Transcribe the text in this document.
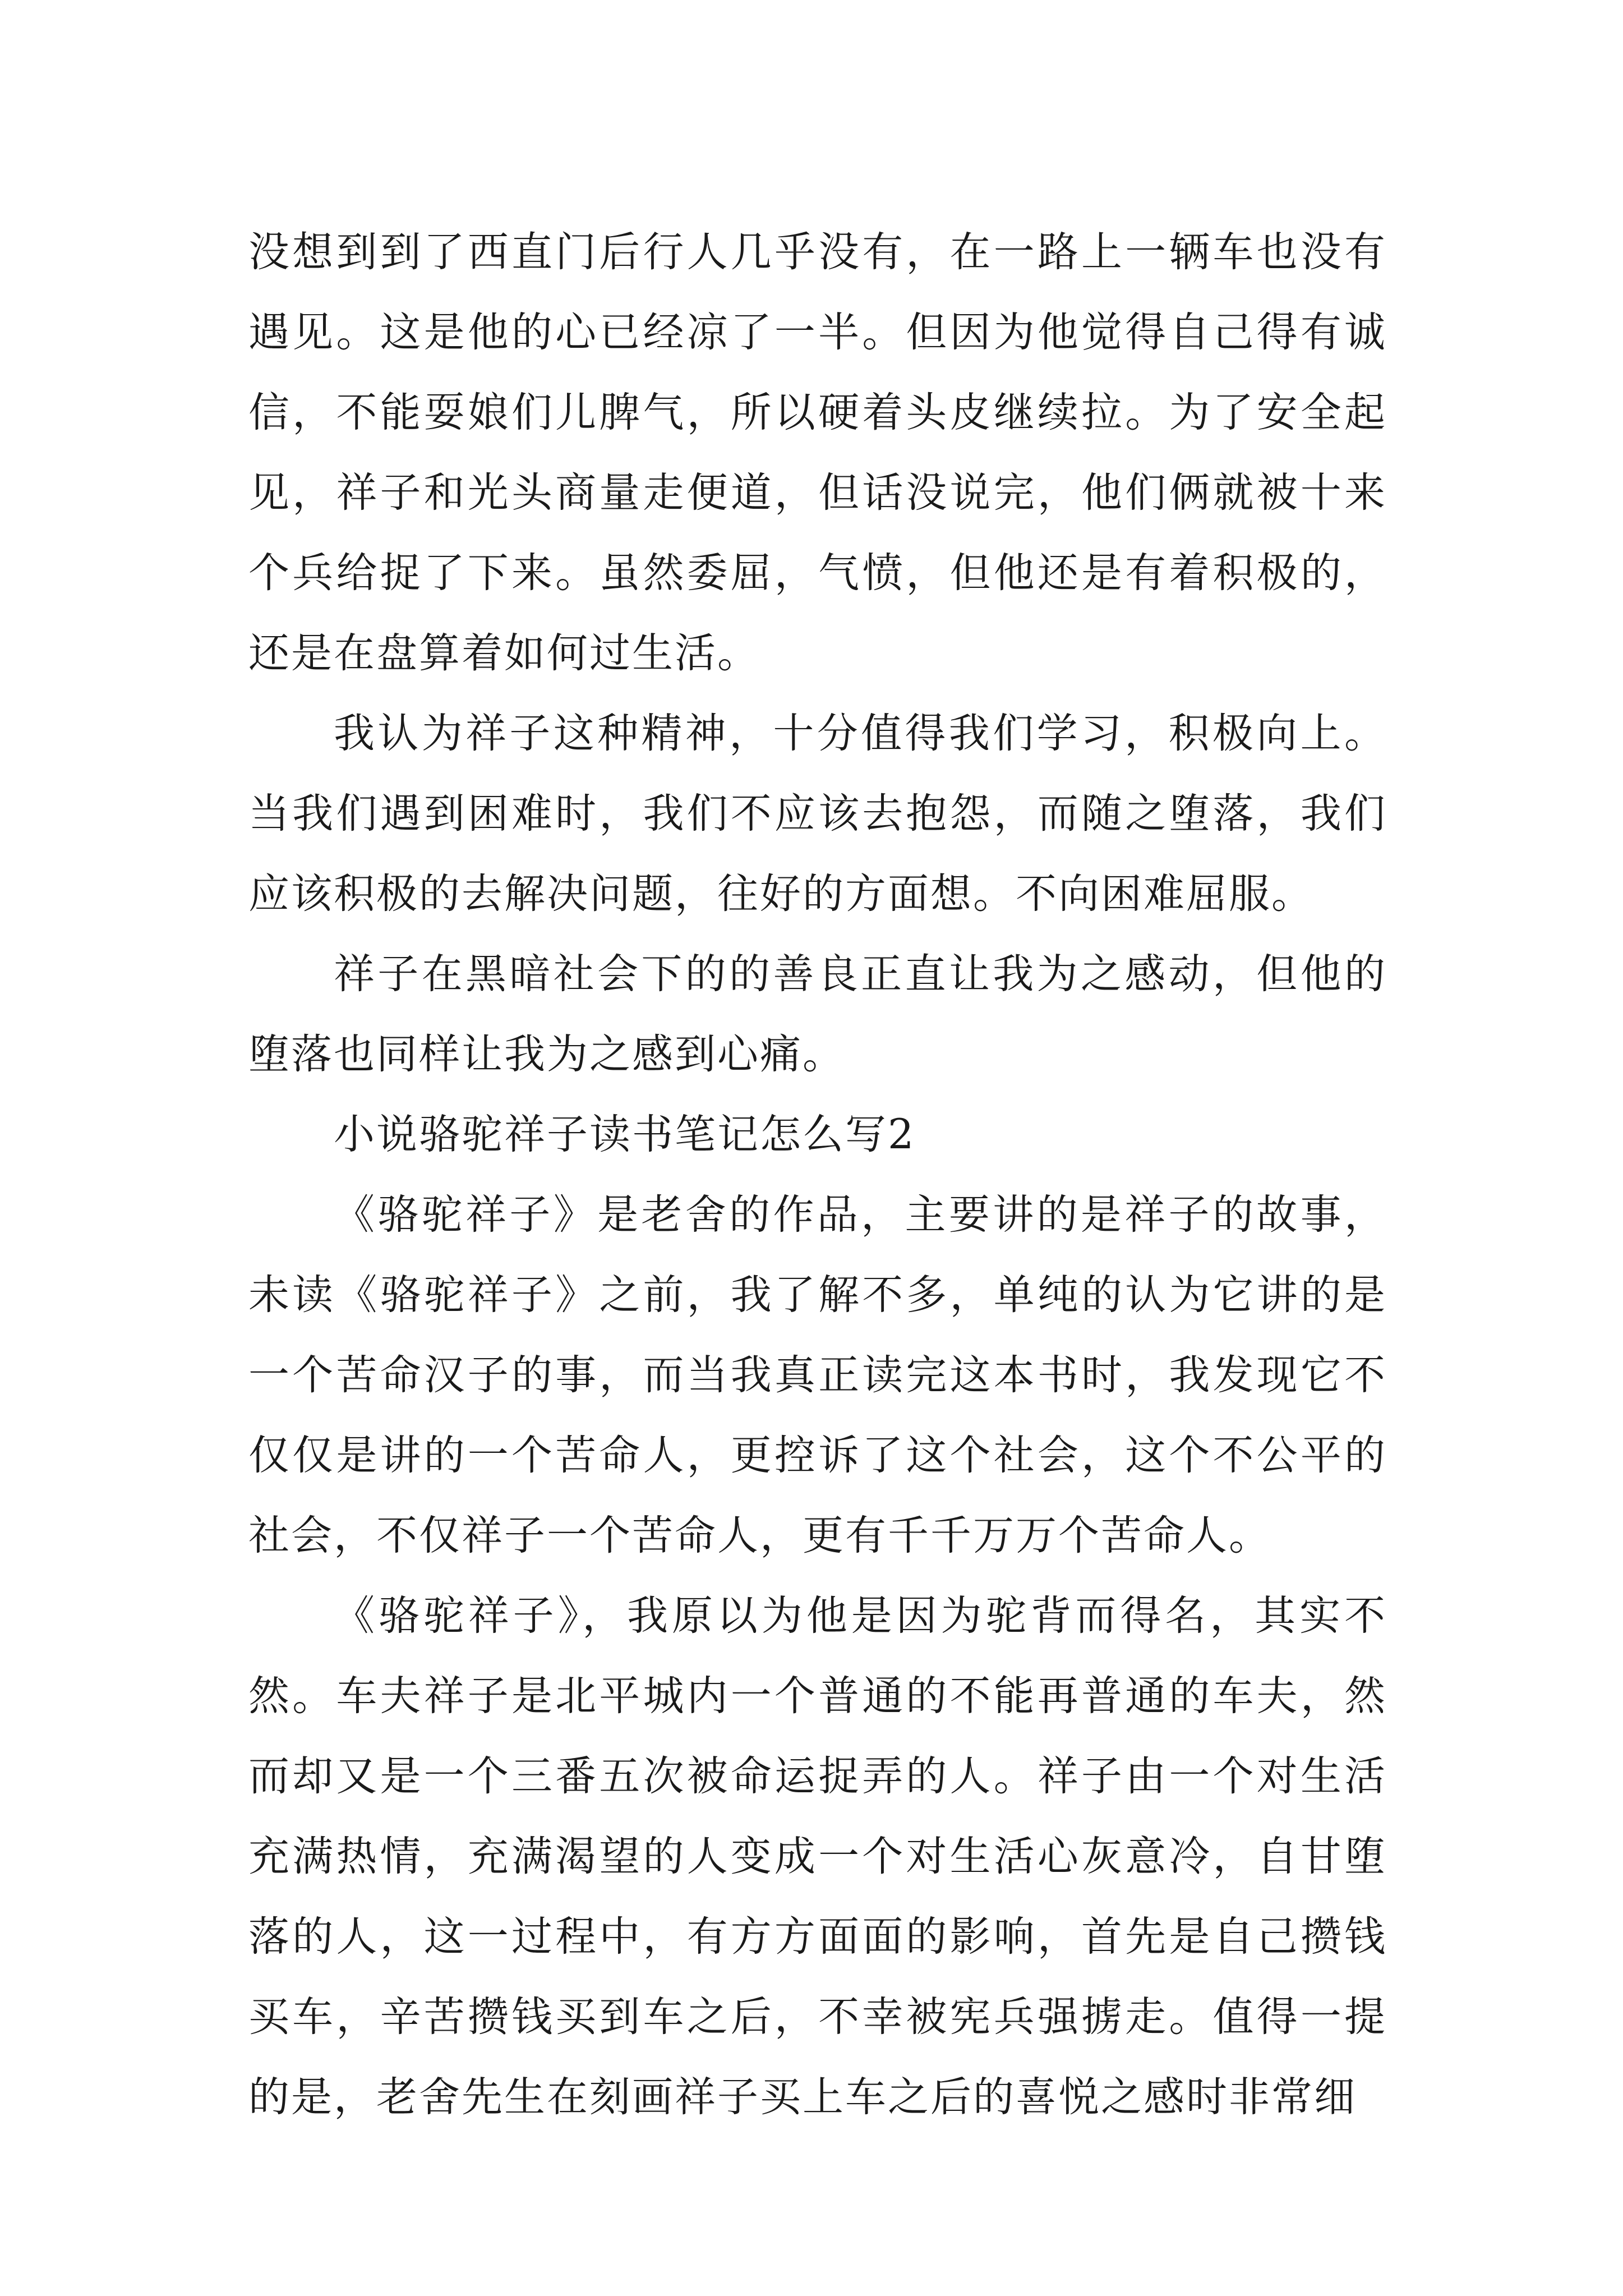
没想到到了西直门后行人几乎没有，在一路上一辆车也没有遇见。这是他的心已经凉了一半。但因为他觉得自己得有诚信，不能耍娘们儿脾气，所以硬着头皮继续拉。为了安全起见，祥子和光头商量走便道，但话没说完，他们俩就被十来个兵给捉了下来。虽然委屈，气愤，但他还是有着积极的，还是在盘算着如何过生活。

我认为祥子这种精神，十分值得我们学习，积极向上。当我们遇到困难时，我们不应该去抱怨，而随之堕落，我们应该积极的去解决问题，往好的方面想。不向困难屈服。

祥子在黑暗社会下的的善良正直让我为之感动，但他的堕落也同样让我为之感到心痛。

小说骆驼祥子读书笔记怎么写2

《骆驼祥子》是老舍的作品，主要讲的是祥子的故事，未读《骆驼祥子》之前，我了解不多，单纯的认为它讲的是一个苦命汉子的事，而当我真正读完这本书时，我发现它不仅仅是讲的一个苦命人，更控诉了这个社会，这个不公平的社会，不仅祥子一个苦命人，更有千千万万个苦命人。

《骆驼祥子》，我原以为他是因为驼背而得名，其实不然。车夫祥子是北平城内一个普通的不能再普通的车夫，然而却又是一个三番五次被命运捉弄的人。祥子由一个对生活充满热情，充满渴望的人变成一个对生活心灰意冷，自甘堕落的人，这一过程中，有方方面面的影响，首先是自己攒钱买车，辛苦攒钱买到车之后，不幸被宪兵强掳走。值得一提的是，老舍先生在刻画祥子买上车之后的喜悦之感时非常细
